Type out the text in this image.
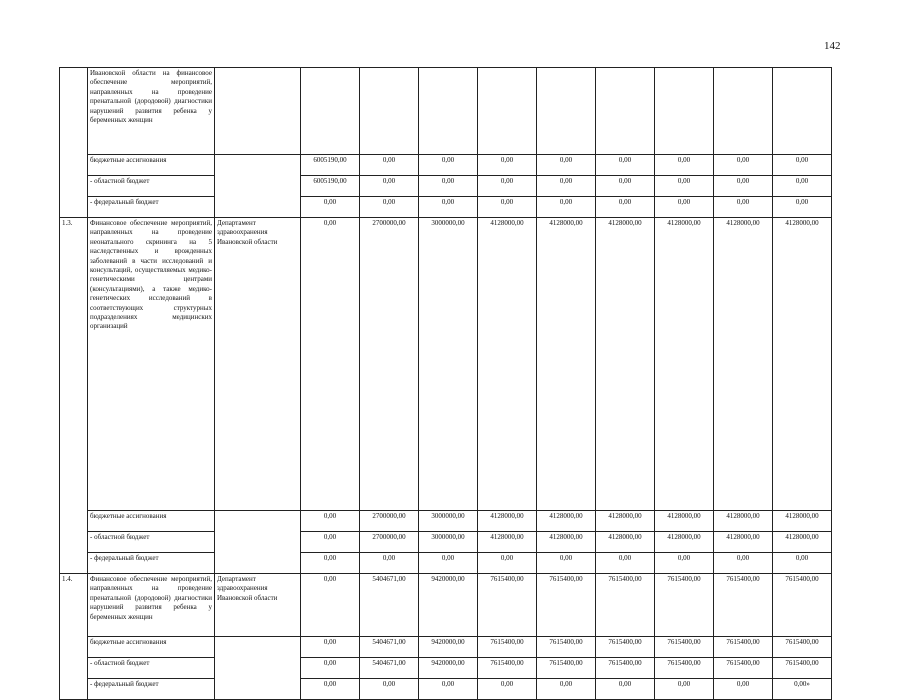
142
	Ивановской области на финансовое обеспечение мероприятий, направленных на проведение пренатальной (дородовой) диагностики нарушений развития ребенка у беременных женщин										
	бюджетные ассигнования		6005190,00	0,00	0,00	0,00	0,00	0,00	0,00	0,00	0,00
	- областной бюджет		6005190,00	0,00	0,00	0,00	0,00	0,00	0,00	0,00	0,00
	- федеральный бюджет		0,00	0,00	0,00	0,00	0,00	0,00	0,00	0,00	0,00
1.3.	Финансовое обеспечение мероприятий, направленных на проведение неонатального скрининга на 5 наследственных и врожденных заболеваний в части исследований и консультаций, осуществляемых медико-генетическими центрами (консультациями), а также медико-генетических исследований в соответствующих структурных подразделениях медицинских организаций	Департамент здравоохранения Ивановской области	0,00	2700000,00	3000000,00	4128000,00	4128000,00	4128000,00	4128000,00	4128000,00	4128000,00
	бюджетные ассигнования		0,00	2700000,00	3000000,00	4128000,00	4128000,00	4128000,00	4128000,00	4128000,00	4128000,00
	- областной бюджет		0,00	2700000,00	3000000,00	4128000,00	4128000,00	4128000,00	4128000,00	4128000,00	4128000,00
	- федеральный бюджет		0,00	0,00	0,00	0,00	0,00	0,00	0,00	0,00	0,00
1.4.	Финансовое обеспечение мероприятий, направленных на проведение пренатальной (дородовой) диагностики нарушений развития ребенка у беременных женщин	Департамент здравоохранения Ивановской области	0,00	5404671,00	9420000,00	7615400,00	7615400,00	7615400,00	7615400,00	7615400,00	7615400,00
	бюджетные ассигнования		0,00	5404671,00	9420000,00	7615400,00	7615400,00	7615400,00	7615400,00	7615400,00	7615400,00
	- областной бюджет		0,00	5404671,00	9420000,00	7615400,00	7615400,00	7615400,00	7615400,00	7615400,00	7615400,00
	- федеральный бюджет		0,00	0,00	0,00	0,00	0,00	0,00	0,00	0,00	0,00»
